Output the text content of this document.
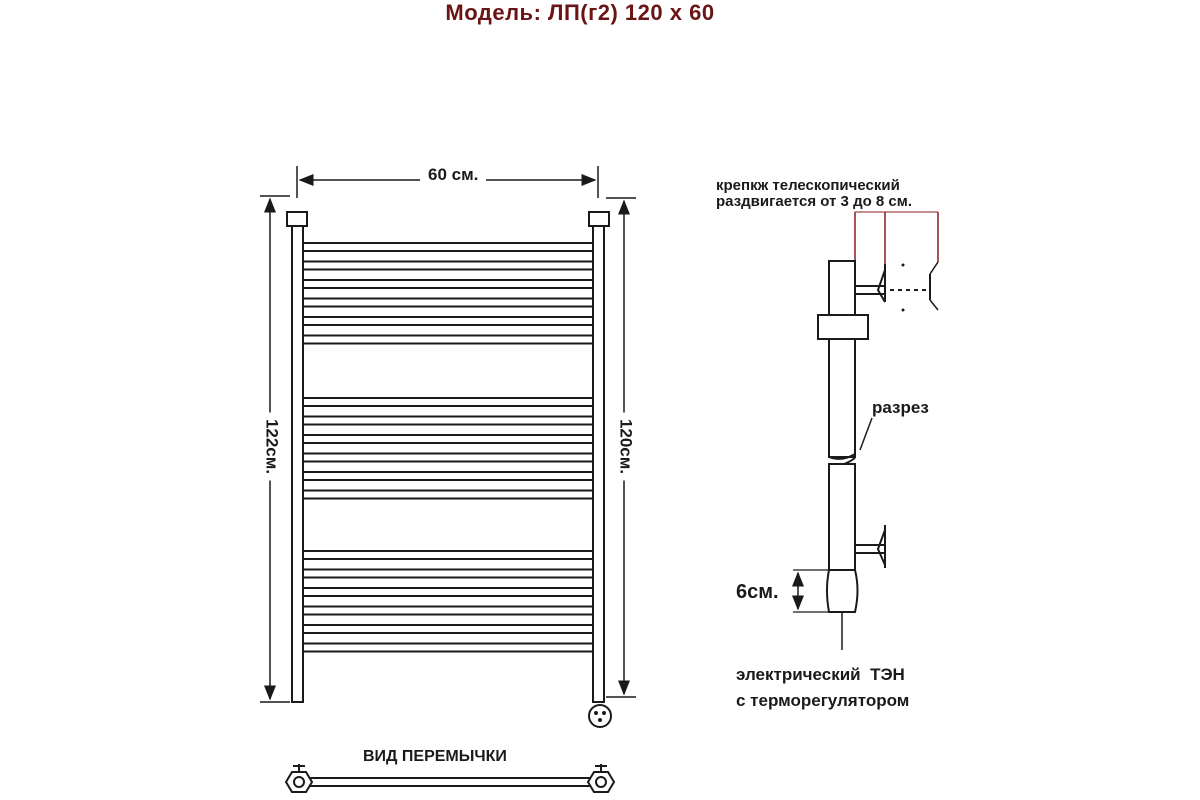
Модель: ЛП(г2) 120 х 60
60 см.
122см.	120см.
крепкж телескопический
раздвигается от 3 до 8 см.
разрез
6см.
электрический  ТЭН
с терморегулятором
ВИД ПЕРЕМЫЧКИ
